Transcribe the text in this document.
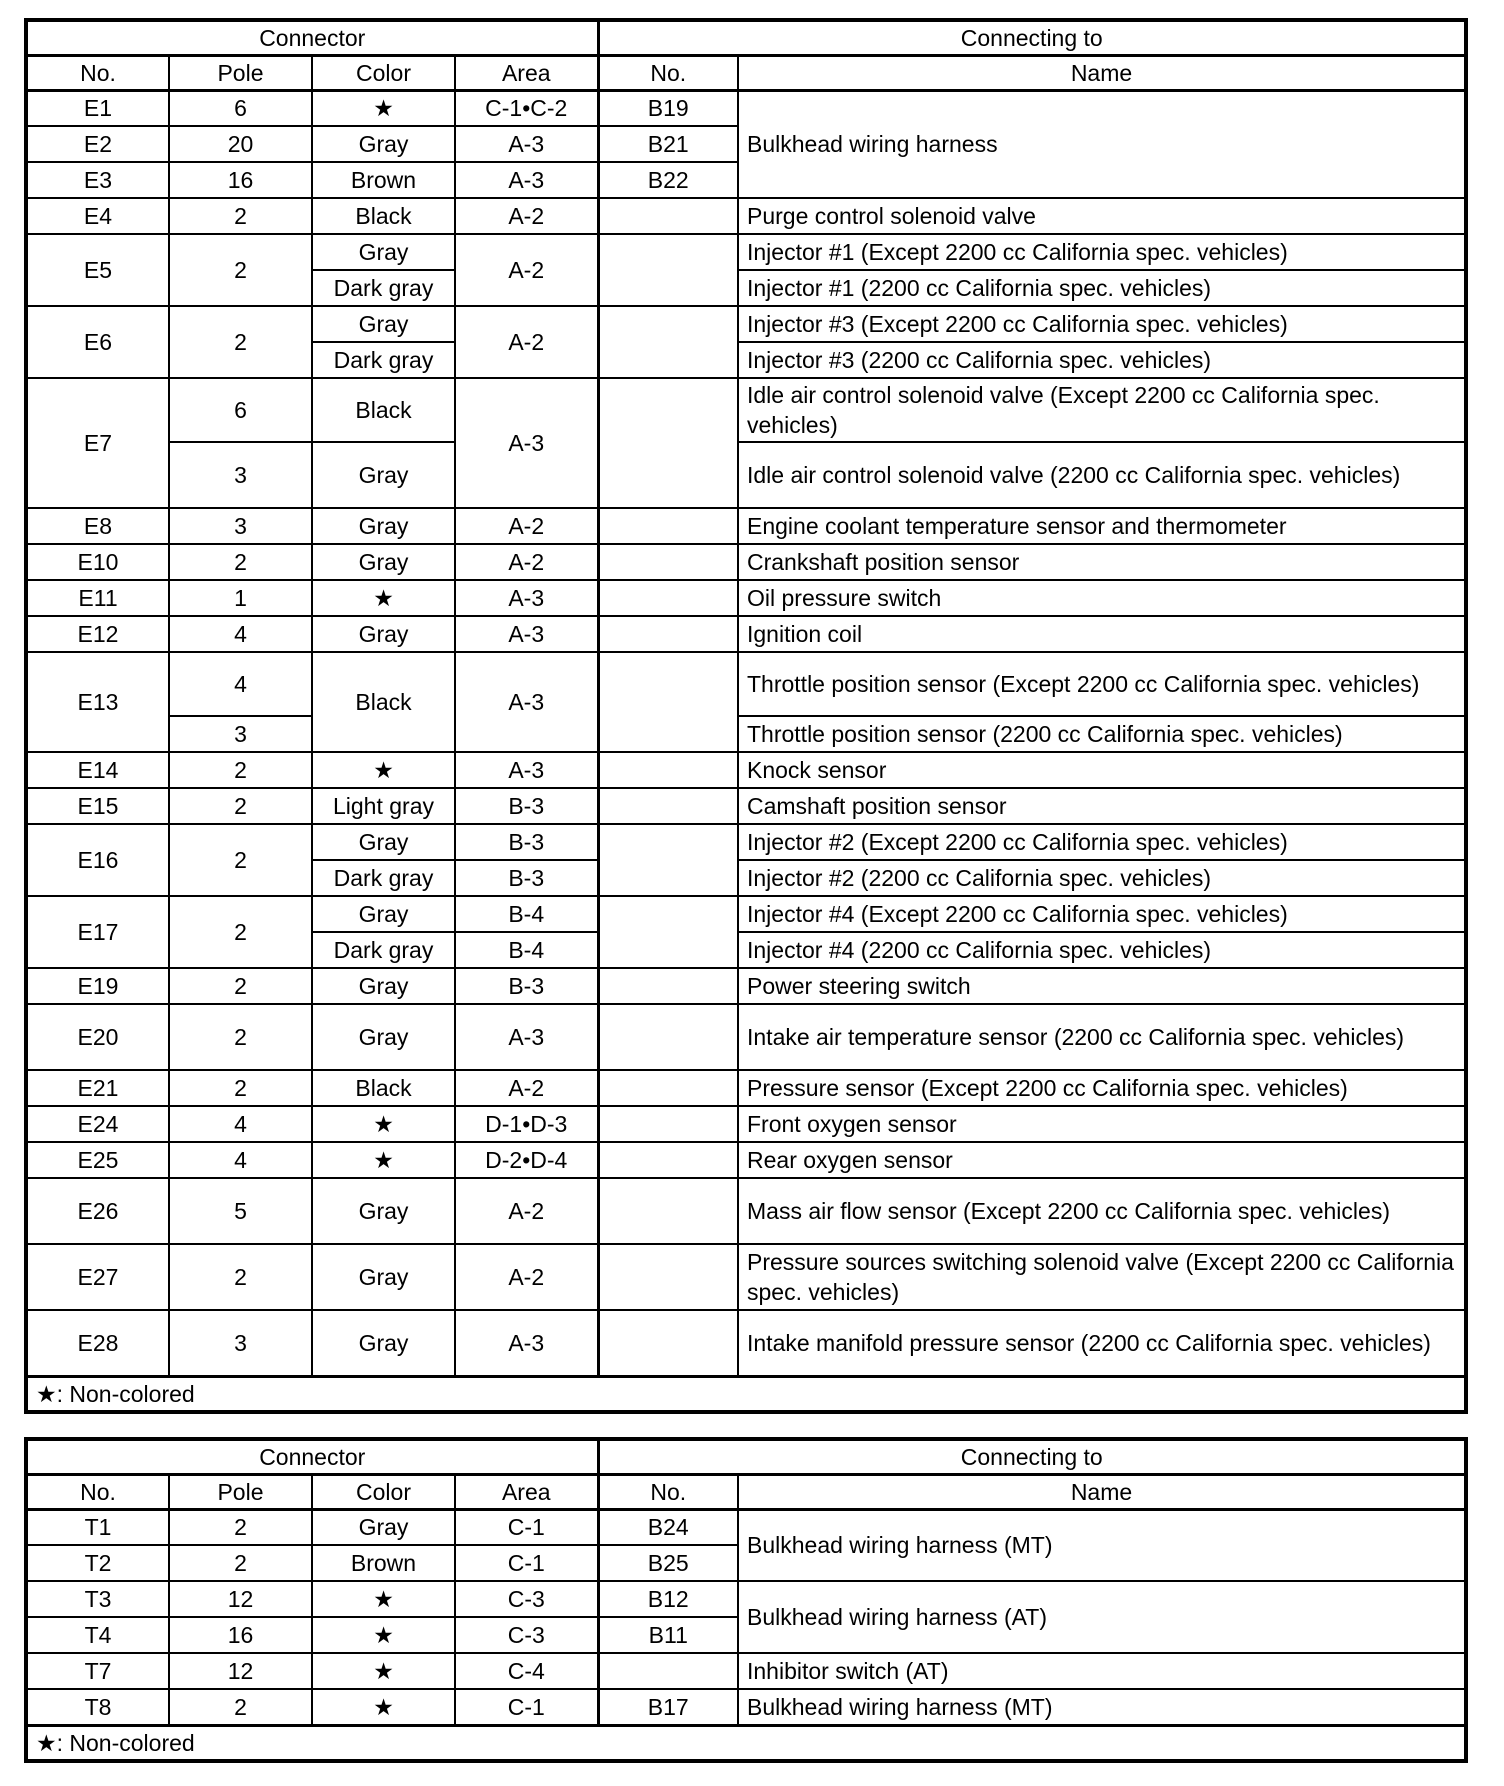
Connector				Connecting to	
No.	Pole	Color	Area	No.	Name
E1	6	★	C-1•C-2	B19	Bulkhead wiring harness
E2	20	Gray	A-3	B21	
E3	16	Brown	A-3	B22	
E4	2	Black	A-2		Purge control solenoid valve
E5	2	Gray	A-2		Injector #1 (Except 2200 cc California spec. vehicles)
		Dark gray			Injector #1 (2200 cc California spec. vehicles)
E6	2	Gray	A-2		Injector #3 (Except 2200 cc California spec. vehicles)
		Dark gray			Injector #3 (2200 cc California spec. vehicles)
E7	6	Black	A-3		Idle air control solenoid valve (Except 2200 cc California spec. vehicles)
	3	Gray			Idle air control solenoid valve (2200 cc California spec. vehicles)
E8	3	Gray	A-2		Engine coolant temperature sensor and thermometer
E10	2	Gray	A-2		Crankshaft position sensor
E11	1	★	A-3		Oil pressure switch
E12	4	Gray	A-3		Ignition coil
E13	4	Black	A-3		Throttle position sensor (Except 2200 cc California spec. vehicles)
	3				Throttle position sensor (2200 cc California spec. vehicles)
E14	2	★	A-3		Knock sensor
E15	2	Light gray	B-3		Camshaft position sensor
E16	2	Gray	B-3		Injector #2 (Except 2200 cc California spec. vehicles)
		Dark gray	B-3		Injector #2 (2200 cc California spec. vehicles)
E17	2	Gray	B-4		Injector #4 (Except 2200 cc California spec. vehicles)
		Dark gray	B-4		Injector #4 (2200 cc California spec. vehicles)
E19	2	Gray	B-3		Power steering switch
E20	2	Gray	A-3		Intake air temperature sensor (2200 cc California spec. vehicles)
E21	2	Black	A-2		Pressure sensor (Except 2200 cc California spec. vehicles)
E24	4	★	D-1•D-3		Front oxygen sensor
E25	4	★	D-2•D-4		Rear oxygen sensor
E26	5	Gray	A-2		Mass air flow sensor (Except 2200 cc California spec. vehicles)
E27	2	Gray	A-2		Pressure sources switching solenoid valve (Except 2200 cc California spec. vehicles)
E28	3	Gray	A-3		Intake manifold pressure sensor (2200 cc California spec. vehicles)
★: Non-colored					
Connector				Connecting to	
No.	Pole	Color	Area	No.	Name
T1	2	Gray	C-1	B24	Bulkhead wiring harness (MT)
T2	2	Brown	C-1	B25	
T3	12	★	C-3	B12	Bulkhead wiring harness (AT)
T4	16	★	C-3	B11	
T7	12	★	C-4		Inhibitor switch (AT)
T8	2	★	C-1	B17	Bulkhead wiring harness (MT)
★: Non-colored					
